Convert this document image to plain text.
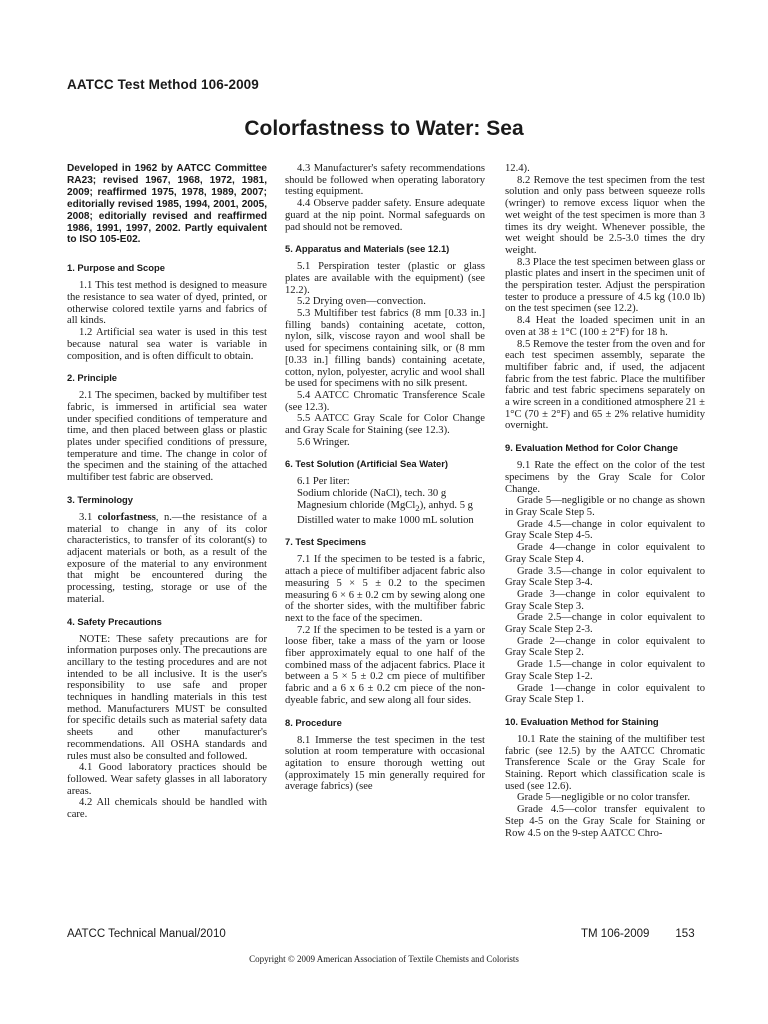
AATCC Test Method 106-2009
Colorfastness to Water: Sea

Developed in 1962 by AATCC Committee RA23; revised 1967, 1968, 1972, 1981, 2009; reaffirmed 1975, 1978, 1989, 2007; editorially revised 1985, 1994, 2001, 2005, 2008; editorially revised and reaffirmed 1986, 1991, 1997, 2002. Partly equivalent to ISO 105-E02.

1. Purpose and Scope

1.1 This test method is designed to measure the resistance to sea water of dyed, printed, or otherwise colored textile yarns and fabrics of all kinds.

1.2 Artificial sea water is used in this test because natural sea water is variable in composition, and is often difficult to obtain.

2. Principle

2.1 The specimen, backed by multifiber test fabric, is immersed in artificial sea water under specified conditions of temperature and time, and then placed between glass or plastic plates under specified conditions of pressure, temperature and time. The change in color of the specimen and the staining of the attached multifiber test fabric are observed.

3. Terminology

3.1 colorfastness, n.—the resistance of a material to change in any of its color characteristics, to transfer of its colorant(s) to adjacent materials or both, as a result of the exposure of the material to any environment that might be encountered during the processing, testing, storage or use of the material.

4. Safety Precautions

NOTE: These safety precautions are for information purposes only. The precautions are ancillary to the testing procedures and are not intended to be all inclusive. It is the user's responsibility to use safe and proper techniques in handling materials in this test method. Manufacturers MUST be consulted for specific details such as material safety data sheets and other manufacturer's recommendations. All OSHA standards and rules must also be consulted and followed.

4.1 Good laboratory practices should be followed. Wear safety glasses in all laboratory areas.

4.2 All chemicals should be handled with care.

4.3 Manufacturer's safety recommendations should be followed when operating laboratory testing equipment.

4.4 Observe padder safety. Ensure adequate guard at the nip point. Normal safeguards on pad should not be removed.

5. Apparatus and Materials (see 12.1)

5.1 Perspiration tester (plastic or glass plates are available with the equipment) (see 12.2).

5.2 Drying oven—convection.

5.3 Multifiber test fabrics (8 mm [0.33 in.] filling bands) containing acetate, cotton, nylon, silk, viscose rayon and wool shall be used for specimens containing silk, or (8 mm [0.33 in.] filling bands) containing acetate, cotton, nylon, polyester, acrylic and wool shall be used for specimens with no silk present.

5.4 AATCC Chromatic Transference Scale (see 12.3).

5.5 AATCC Gray Scale for Color Change and Gray Scale for Staining (see 12.3).

5.6 Wringer.

6. Test Solution (Artificial Sea Water)

6.1 Per liter:

Sodium chloride (NaCl), tech. 30 g

Magnesium chloride (MgCl$_2$), anhyd. 5 g

Distilled water to make 1000 mL solution

7. Test Specimens

7.1 If the specimen to be tested is a fabric, attach a piece of multifiber adjacent fabric also measuring 5 × 5 ± 0.2 to the specimen measuring 6 × 6 ± 0.2 cm by sewing along one of the shorter sides, with the multifiber fabric next to the face of the specimen.

7.2 If the specimen to be tested is a yarn or loose fiber, take a mass of the yarn or loose fiber approximately equal to one half of the combined mass of the adjacent fabrics. Place it between a 5 × 5 ± 0.2 cm piece of multifiber fabric and a 6 x 6 ± 0.2 cm piece of the non-dyeable fabric, and sew along all four sides.

8. Procedure

8.1 Immerse the test specimen in the test solution at room temperature with occasional agitation to ensure thorough wetting out (approximately 15 min generally required for average fabrics) (see

12.4).

8.2 Remove the test specimen from the test solution and only pass between squeeze rolls (wringer) to remove excess liquor when the wet weight of the test specimen is more than 3 times its dry weight. Whenever possible, the wet weight should be 2.5-3.0 times the dry weight.

8.3 Place the test specimen between glass or plastic plates and insert in the specimen unit of the perspiration tester. Adjust the perspiration tester to produce a pressure of 4.5 kg (10.0 lb) on the test specimen (see 12.2).

8.4 Heat the loaded specimen unit in an oven at 38 ± 1°C (100 ± 2°F) for 18 h.

8.5 Remove the tester from the oven and for each test specimen assembly, separate the multifiber fabric and, if used, the adjacent fabric from the test fabric. Place the multifiber fabric and test fabric specimens separately on a wire screen in a conditioned atmosphere 21 ± 1°C (70 ± 2°F) and 65 ± 2% relative humidity overnight.

9. Evaluation Method for Color Change

9.1 Rate the effect on the color of the test specimens by the Gray Scale for Color Change.

Grade 5—negligible or no change as shown in Gray Scale Step 5.

Grade 4.5—change in color equivalent to Gray Scale Step 4-5.

Grade 4—change in color equivalent to Gray Scale Step 4.

Grade 3.5—change in color equivalent to Gray Scale Step 3-4.

Grade 3—change in color equivalent to Gray Scale Step 3.

Grade 2.5—change in color equivalent to Gray Scale Step 2-3.

Grade 2—change in color equivalent to Gray Scale Step 2.

Grade 1.5—change in color equivalent to Gray Scale Step 1-2.

Grade 1—change in color equivalent to Gray Scale Step 1.

10. Evaluation Method for Staining

10.1 Rate the staining of the multifiber test fabric (see 12.5) by the AATCC Chromatic Transference Scale or the Gray Scale for Staining. Report which classification scale is used (see 12.6).

Grade 5—negligible or no color transfer.

Grade 4.5—color transfer equivalent to Step 4-5 on the Gray Scale for Staining or Row 4.5 on the 9-step AATCC Chro-

AATCC Technical Manual/2010	TM 106-2009 153
Copyright © 2009 American Association of Textile Chemists and Colorists
